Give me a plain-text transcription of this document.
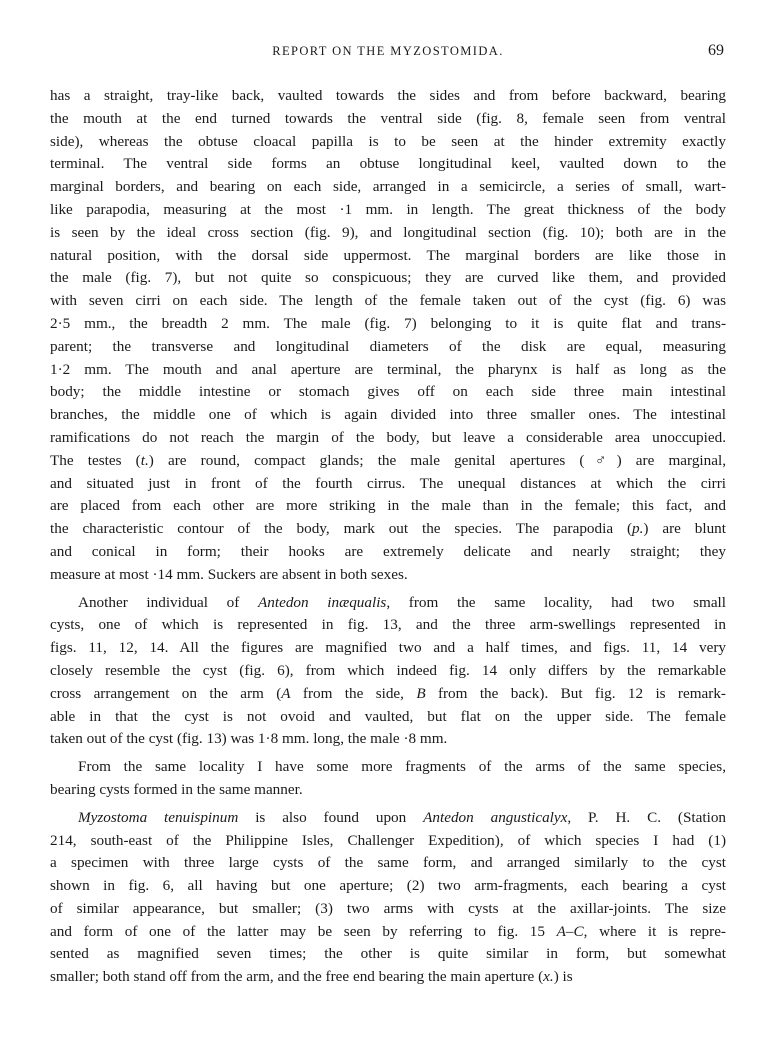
REPORT ON THE MYZOSTOMIDA.	69

has a straight, tray-like back, vaulted towards the sides and from before backward, bearing
the mouth at the end turned towards the ventral side (fig. 8, female seen from ventral
side), whereas the obtuse cloacal papilla is to be seen at the hinder extremity exactly
terminal. The ventral side forms an obtuse longitudinal keel, vaulted down to the
marginal borders, and bearing on each side, arranged in a semicircle, a series of small, wart-
like parapodia, measuring at the most ·1 mm. in length. The great thickness of the body
is seen by the ideal cross section (fig. 9), and longitudinal section (fig. 10); both are in the
natural position, with the dorsal side uppermost. The marginal borders are like those in
the male (fig. 7), but not quite so conspicuous; they are curved like them, and provided
with seven cirri on each side. The length of the female taken out of the cyst (fig. 6) was
2·5 mm., the breadth 2 mm. The male (fig. 7) belonging to it is quite flat and trans-
parent; the transverse and longitudinal diameters of the disk are equal, measuring
1·2 mm. The mouth and anal aperture are terminal, the pharynx is half as long as the
body; the middle intestine or stomach gives off on each side three main intestinal
branches, the middle one of which is again divided into three smaller ones. The intestinal
ramifications do not reach the margin of the body, but leave a considerable area unoccupied.
The testes (t.) are round, compact glands; the male genital apertures (♂) are marginal,
and situated just in front of the fourth cirrus. The unequal distances at which the cirri
are placed from each other are more striking in the male than in the female; this fact, and
the characteristic contour of the body, mark out the species. The parapodia (p.) are blunt
and conical in form; their hooks are extremely delicate and nearly straight; they
measure at most ·14 mm. Suckers are absent in both sexes.

Another individual of Antedon inæqualis, from the same locality, had two small
cysts, one of which is represented in fig. 13, and the three arm-swellings represented in
figs. 11, 12, 14. All the figures are magnified two and a half times, and figs. 11, 14 very
closely resemble the cyst (fig. 6), from which indeed fig. 14 only differs by the remarkable
cross arrangement on the arm (A from the side, B from the back). But fig. 12 is remark-
able in that the cyst is not ovoid and vaulted, but flat on the upper side. The female
taken out of the cyst (fig. 13) was 1·8 mm. long, the male ·8 mm.

From the same locality I have some more fragments of the arms of the same species,
bearing cysts formed in the same manner.

Myzostoma tenuispinum is also found upon Antedon angusticalyx, P. H. C. (Station
214, south-east of the Philippine Isles, Challenger Expedition), of which species I had (1)
a specimen with three large cysts of the same form, and arranged similarly to the cyst
shown in fig. 6, all having but one aperture; (2) two arm-fragments, each bearing a cyst
of similar appearance, but smaller; (3) two arms with cysts at the axillar-joints. The size
and form of one of the latter may be seen by referring to fig. 15 A–C, where it is repre-
sented as magnified seven times; the other is quite similar in form, but somewhat
smaller; both stand off from the arm, and the free end bearing the main aperture (x.) is
